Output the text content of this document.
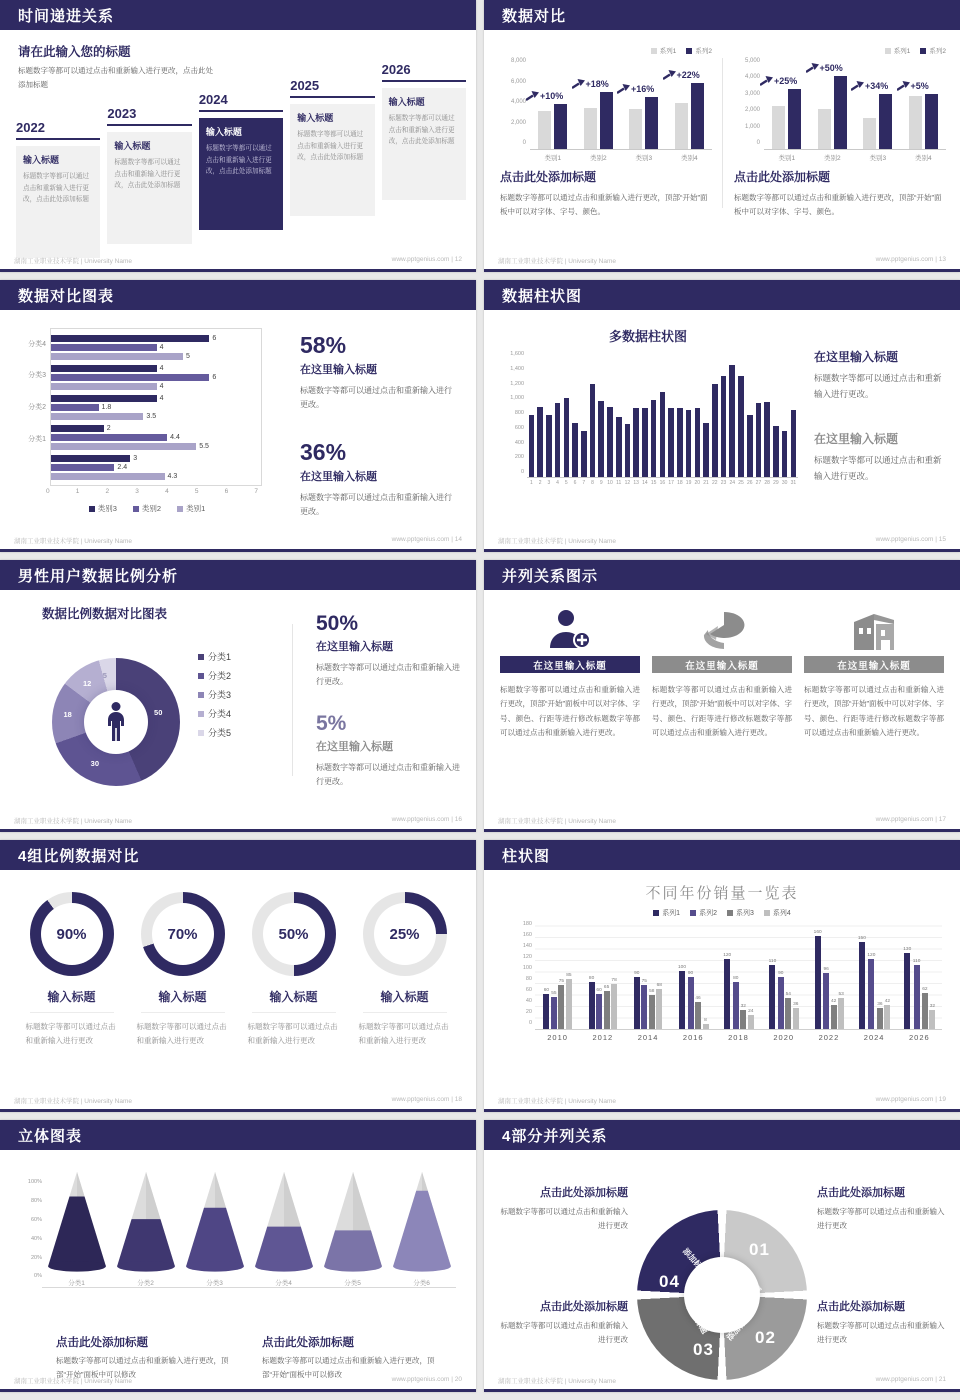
时间递进关系
请在此输入您的标题
标题数字等都可以通过点击和重新输入进行更改，点击此处添加标题
2022
输入标题
标题数字等都可以通过点击和重新输入进行更改，点击此处添加标题
2023
输入标题
标题数字等都可以通过点击和重新输入进行更改，点击此处添加标题
2024
输入标题
标题数字等都可以通过点击和重新输入进行更改，点击此处添加标题
2025
输入标题
标题数字等都可以通过点击和重新输入进行更改，点击此处添加标题
2026
输入标题
标题数字等都可以通过点击和重新输入进行更改，点击此处添加标题
湖南工业职业技术学院 | University Name	www.pptgenius.com | 12
数据对比
系列1	系列2
8,000
6,000
4,000
2,000
0
+10%
类别1
+18%
类别2
+16%
类别3
+22%
类别4
点击此处添加标题
标题数字等都可以通过点击和重新输入进行更改，顶部“开始”面板中可以对字体、字号、颜色。
系列1	系列2
5,000
4,000
3,000
2,000
1,000
0
+25%
类别1
+50%
类别2
+34%
类别3
+5%
类别4
点击此处添加标题
标题数字等都可以通过点击和重新输入进行更改，顶部“开始”面板中可以对字体、字号、颜色。
湖南工业职业技术学院 | University Name	www.pptgenius.com | 13
数据对比图表
分类4
分类3
分类2
分类1
6
4
5
4
6
4
4
1.8
3.5
2
4.4
5.5
3
2.4
4.3
0	1	2	3	4	5	6	7
类别3	类别2	类别1
58%
在这里输入标题
标题数字等都可以通过点击和重新输入进行更改。
36%
在这里输入标题
标题数字等都可以通过点击和重新输入进行更改。
湖南工业职业技术学院 | University Name	www.pptgenius.com | 14
数据柱状图
多数据柱状图
1,600
1,400
1,200
1,000
800
600
400
200
0
1	2	3	4	5	6	7	8	9 10 11 12 13 14 15 16 17 18 19 20 21 22 23 24 25 26 27 28 29 30 31
在这里输入标题
标题数字等都可以通过点击和重新输入进行更改。
在这里输入标题
标题数字等都可以通过点击和重新输入进行更改。
湖南工业职业技术学院 | University Name	www.pptgenius.com | 15
男性用户数据比例分析
数据比例数据对比图表
50
30
18
12
5
分类1
分类2
分类3
分类4
分类5
50%
在这里输入标题
标题数字等都可以通过点击和重新输入进行更改。
5%
在这里输入标题
标题数字等都可以通过点击和重新输入进行更改。
湖南工业职业技术学院 | University Name	www.pptgenius.com | 16
并列关系图示
在这里输入标题
标题数字等都可以通过点击和重新输入进行更改，顶部“开始”面板中可以对字体、字号、颜色、行距等进行修改标题数字等都可以通过点击和重新输入进行更改。
在这里输入标题
标题数字等都可以通过点击和重新输入进行更改，顶部“开始”面板中可以对字体、字号、颜色、行距等进行修改标题数字等都可以通过点击和重新输入进行更改。
在这里输入标题
标题数字等都可以通过点击和重新输入进行更改，顶部“开始”面板中可以对字体、字号、颜色、行距等进行修改标题数字等都可以通过点击和重新输入进行更改。
湖南工业职业技术学院 | University Name	www.pptgenius.com | 17
4组比例数据对比
90%
输入标题
标题数字等都可以通过点击和重新输入进行更改
70%
输入标题
标题数字等都可以通过点击和重新输入进行更改
50%
输入标题
标题数字等都可以通过点击和重新输入进行更改
25%
输入标题
标题数字等都可以通过点击和重新输入进行更改
湖南工业职业技术学院 | University Name	www.pptgenius.com | 18
柱状图
不同年份销量一览表
系列1	系列2	系列3	系列4
180
160
140
120
100
80
60
40
20
0
60
55
75
85
2010
80
60
65
78
2012
90
75
58
68
2014
100
90
46
8
2016
120
80
32
24
2018
110
90
54
36
2020
160
96
42
53
2022
150
120
36
42
2024
130
110
62
32
2026
湖南工业职业技术学院 | University Name	www.pptgenius.com | 19
立体图表
100%
80%
60%
40%
20%
0%
分类1	分类2	分类3	分类4	分类5	分类6
点击此处添加标题
标题数字等都可以通过点击和重新输入进行更改，顶部“开始”面板中可以修改
点击此处添加标题
标题数字等都可以通过点击和重新输入进行更改，顶部“开始”面板中可以修改
湖南工业职业技术学院 | University Name	www.pptgenius.com | 20
4部分并列关系
01
添加标题
02
添加标题
03
添加标题
04
添加标题
点击此处添加标题
标题数字等都可以通过点击和重新输入进行更改
点击此处添加标题
标题数字等都可以通过点击和重新输入进行更改
点击此处添加标题
标题数字等都可以通过点击和重新输入进行更改
点击此处添加标题
标题数字等都可以通过点击和重新输入进行更改
湖南工业职业技术学院 | University Name	www.pptgenius.com | 21
